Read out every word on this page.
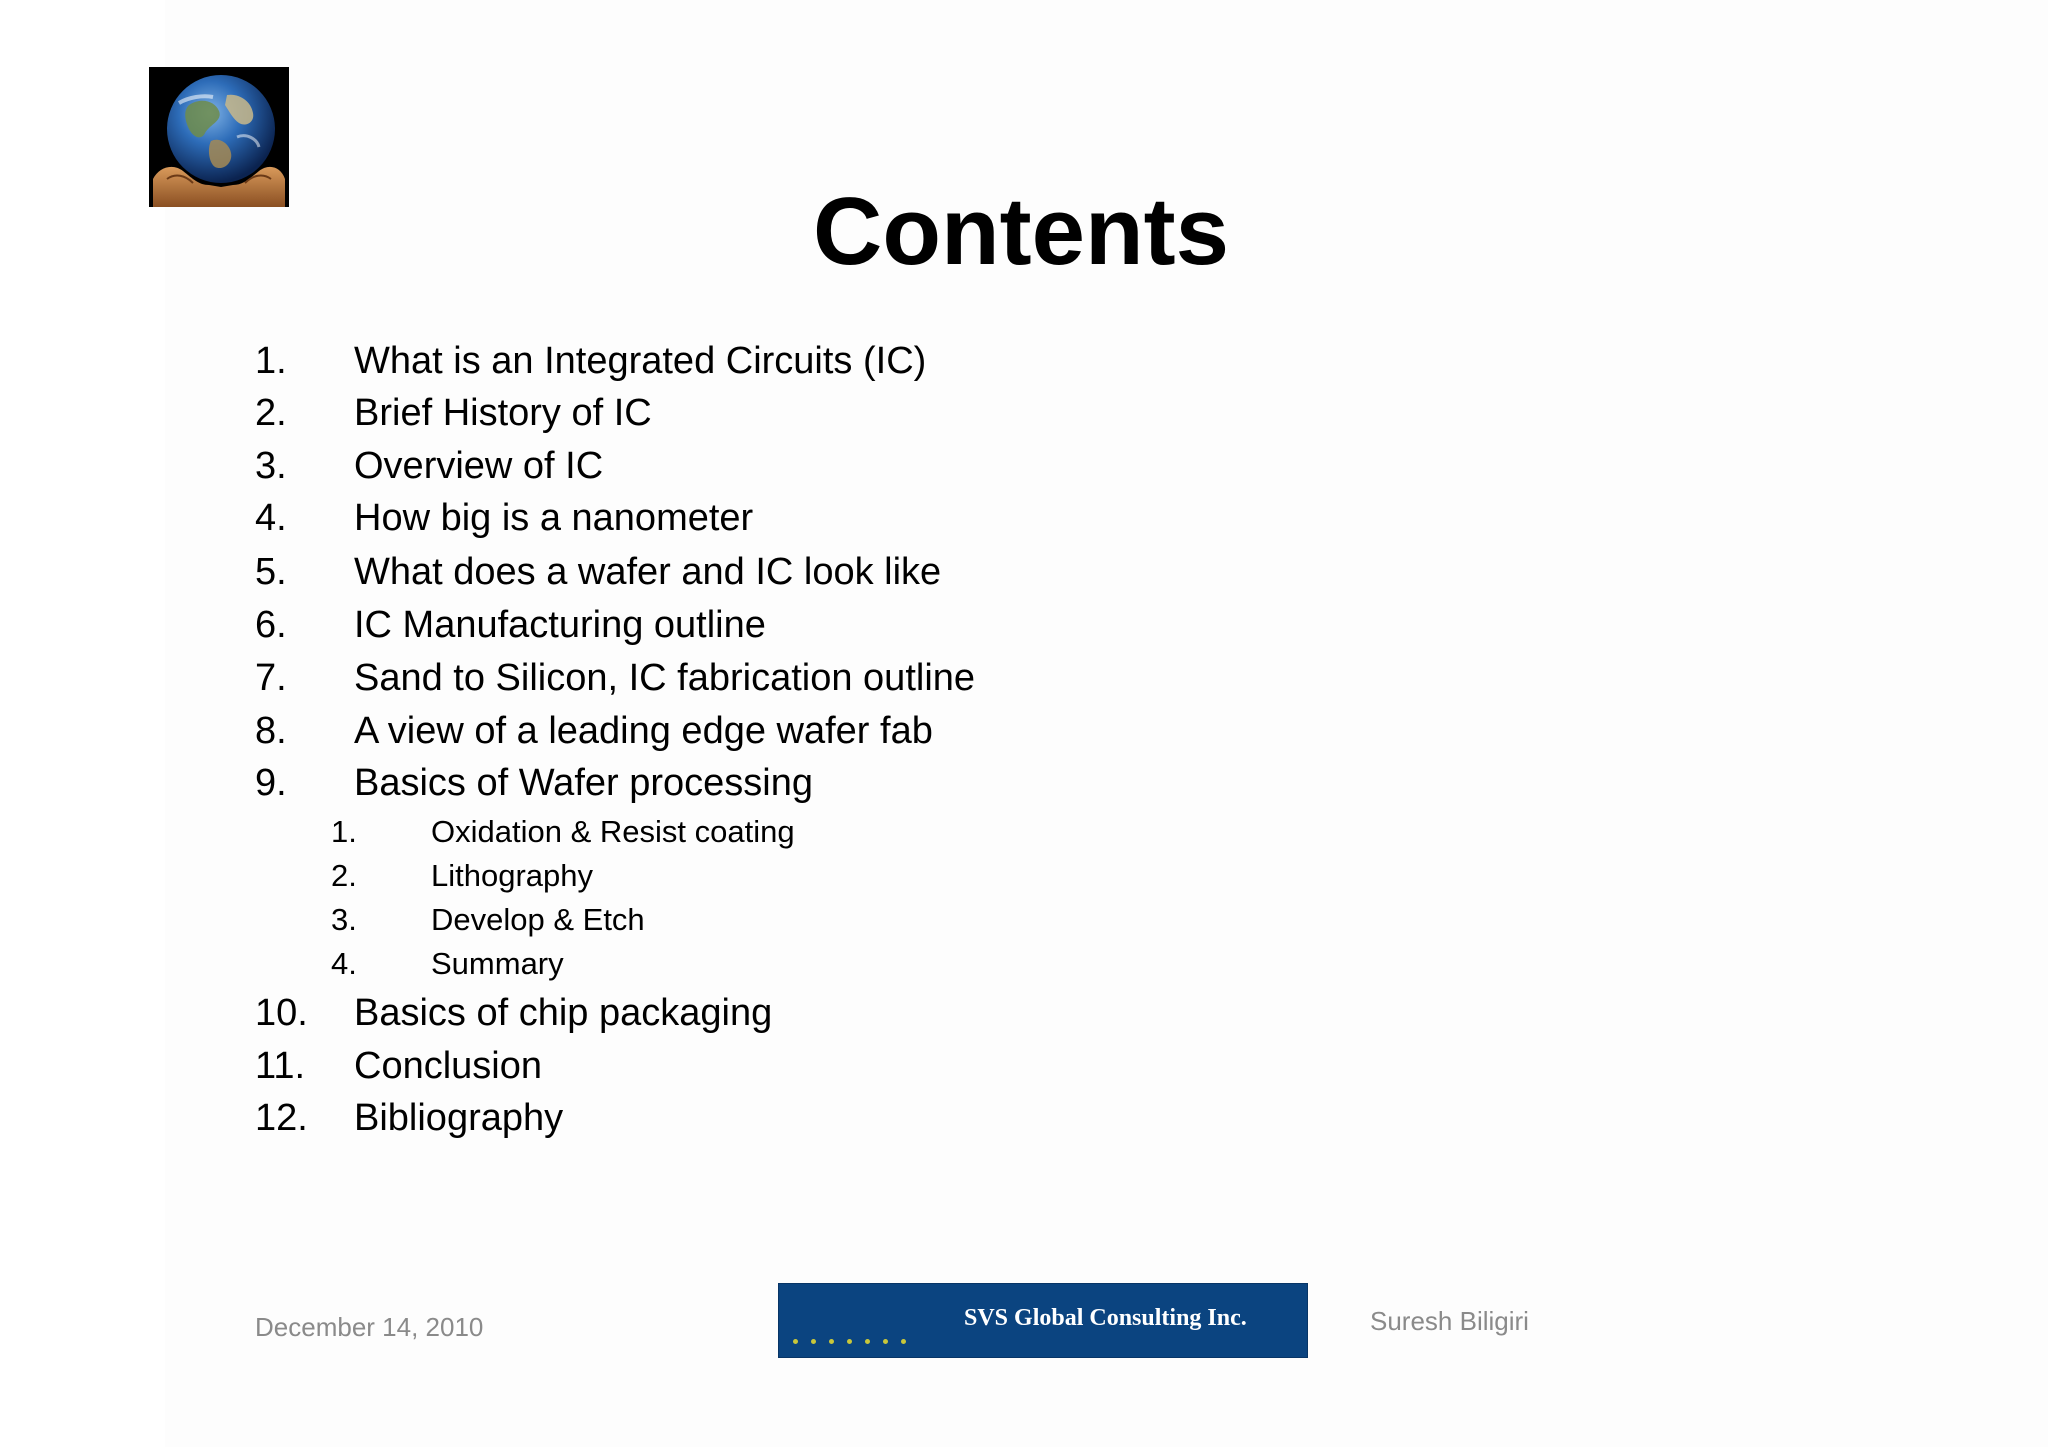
Contents
1. What is an Integrated Circuits (IC)
2. Brief History of IC
3. Overview of IC
4. How big is a nanometer
5. What does a wafer and IC look like
6. IC Manufacturing outline
7. Sand to Silicon, IC fabrication outline
8. A view of a leading edge wafer fab
9. Basics of Wafer processing
1. Oxidation & Resist coating
2. Lithography
3. Develop & Etch
4. Summary
10. Basics of chip packaging
11. Conclusion
12. Bibliography
December 14, 2010	SVS Global Consulting Inc.	Suresh Biligiri
